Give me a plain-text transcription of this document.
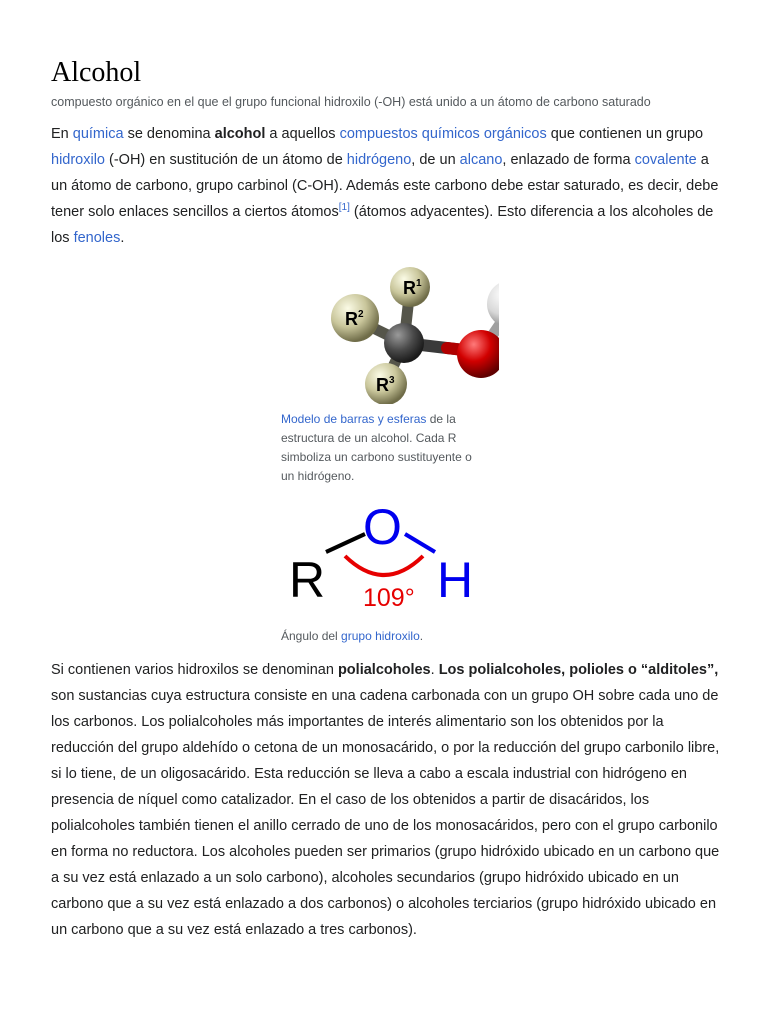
Alcohol
compuesto orgánico en el que el grupo funcional hidroxilo (-OH) está unido a un átomo de carbono saturado

En química se denomina alcohol a aquellos compuestos químicos orgánicos que contienen un grupo hidroxilo (-OH) en sustitución de un átomo de hidrógeno, de un alcano, enlazado de forma covalente a un átomo de carbono, grupo carbinol (C-OH). Además este carbono debe estar saturado, es decir, debe tener solo enlaces sencillos a ciertos átomos[1] (átomos adyacentes). Esto diferencia a los alcoholes de los fenoles.

$R^1$
$R^2$
$R^3$
Modelo de barras y esferas de la estructura de un alcohol. Cada R simboliza un carbono sustituyente o un hidrógeno.
R
O
H
109°
Ángulo del grupo hidroxilo.

Si contienen varios hidroxilos se denominan polialcoholes. Los polialcoholes, polioles o “alditoles”, son sustancias cuya estructura consiste en una cadena carbonada con un grupo OH sobre cada uno de los carbonos. Los polialcoholes más importantes de interés alimentario son los obtenidos por la reducción del grupo aldehído o cetona de un monosacárido, o por la reducción del grupo carbonilo libre, si lo tiene, de un oligosacárido. Esta reducción se lleva a cabo a escala industrial con hidrógeno en presencia de níquel como catalizador. En el caso de los obtenidos a partir de disacáridos, los polialcoholes también tienen el anillo cerrado de uno de los monosacáridos, pero con el grupo carbonilo en forma no reductora. Los alcoholes pueden ser primarios (grupo hidróxido ubicado en un carbono que a su vez está enlazado a un solo carbono), alcoholes secundarios (grupo hidróxido ubicado en un carbono que a su vez está enlazado a dos carbonos) o alcoholes terciarios (grupo hidróxido ubicado en un carbono que a su vez está enlazado a tres carbonos).
